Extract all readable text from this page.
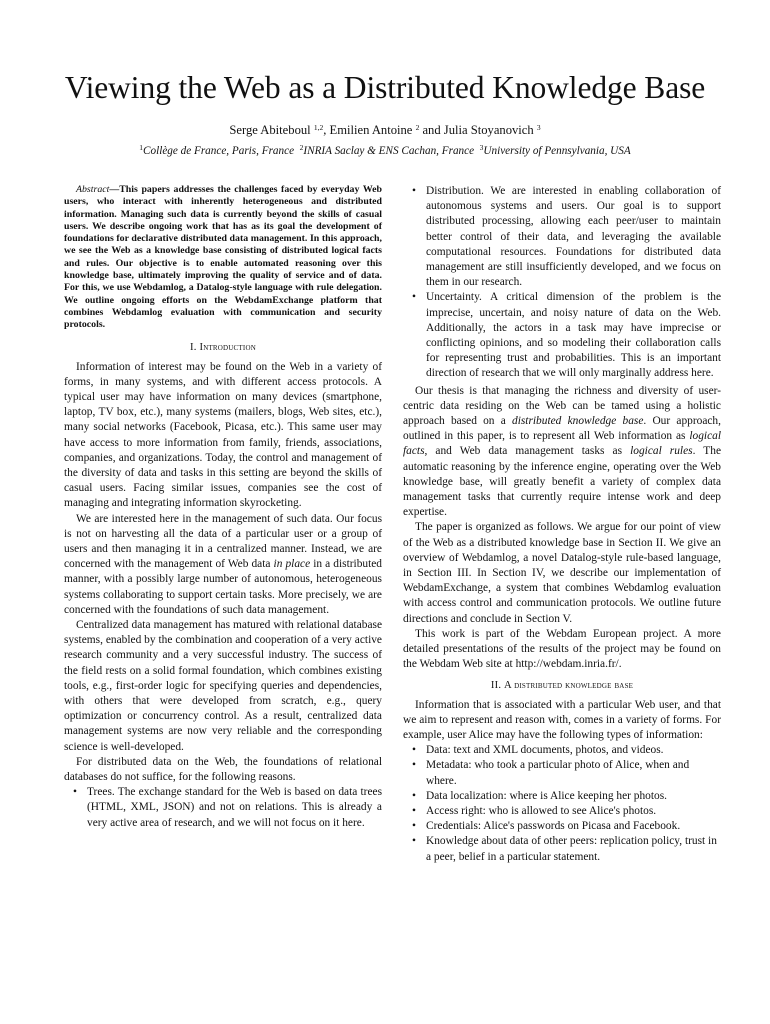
Viewing the Web as a Distributed Knowledge Base
Serge Abiteboul $^{1,2}$, Emilien Antoine $^2$ and Julia Stoyanovich $^3$
$^1$Collège de France, Paris, France $^2$INRIA Saclay & ENS Cachan, France $^3$University of Pennsylvania, USA

Abstract—This papers addresses the challenges faced by everyday Web users, who interact with inherently heterogeneous and distributed information. Managing such data is currently beyond the skills of casual users. We describe ongoing work that has as its goal the development of foundations for declarative distributed data management. In this approach, we see the Web as a knowledge base consisting of distributed logical facts and rules. Our objective is to enable automated reasoning over this knowledge base, ultimately improving the quality of service and of data. For this, we use Webdamlog, a Datalog-style language with rule delegation. We outline ongoing efforts on the WebdamExchange platform that combines Webdamlog evaluation with communication and security protocols.

I. Introduction

Information of interest may be found on the Web in a variety of forms, in many systems, and with different access protocols. A typical user may have information on many devices (smartphone, laptop, TV box, etc.), many systems (mailers, blogs, Web sites, etc.), many social networks (Facebook, Picasa, etc.). This same user may have access to more information from family, friends, associations, companies, and organizations. Today, the control and management of the diversity of data and tasks in this setting are beyond the skills of casual users. Facing similar issues, companies see the cost of managing and integrating information skyrocketing.

We are interested here in the management of such data. Our focus is not on harvesting all the data of a particular user or a group of users and then managing it in a centralized manner. Instead, we are concerned with the management of Web data in place in a distributed manner, with a possibly large number of autonomous, heterogeneous systems collaborating to support certain tasks. More precisely, we are concerned with the foundations of such data management.

Centralized data management has matured with relational database systems, enabled by the combination and cooperation of a very active research community and a very successful industry. The success of the field rests on a solid formal foundation, which combines existing tools, e.g., first-order logic for specifying queries and dependencies, with others that were developed from scratch, e.g., query optimization or concurrency control. As a result, centralized data management systems are now very reliable and the corresponding science is well-developed.

For distributed data on the Web, the foundations of relational databases do not suffice, for the following reasons.

• Trees. The exchange standard for the Web is based on data trees (HTML, XML, JSON) and not on relations. This is already a very active area of research, and we will not focus on it here.
• Distribution. We are interested in enabling collaboration of autonomous systems and users. Our goal is to support distributed processing, allowing each peer/user to maintain better control of their data, and leveraging the available computational resources. Foundations for distributed data management are still insufficiently developed, and we focus on them in our research.
• Uncertainty. A critical dimension of the problem is the imprecise, uncertain, and noisy nature of data on the Web. Additionally, the actors in a task may have imprecise or conflicting opinions, and so modeling their collaboration calls for representing trust and probabilities. This is an important direction of research that we will only marginally address here.

Our thesis is that managing the richness and diversity of user-centric data residing on the Web can be tamed using a holistic approach based on a distributed knowledge base. Our approach, outlined in this paper, is to represent all Web information as logical facts, and Web data management tasks as logical rules. The automatic reasoning by the inference engine, operating over the Web knowledge base, will greatly benefit a variety of complex data management tasks that currently require intense work and deep expertise.

The paper is organized as follows. We argue for our point of view of the Web as a distributed knowledge base in Section II. We give an overview of Webdamlog, a novel Datalog-style rule-based language, in Section III. In Section IV, we describe our implementation of WebdamExchange, a system that combines Webdamlog evaluation with access control and communication protocols. We outline future directions and conclude in Section V.

This work is part of the Webdam European project. A more detailed presentations of the results of the project may be found on the Webdam Web site at http://webdam.inria.fr/.

II. A distributed knowledge base

Information that is associated with a particular Web user, and that we aim to represent and reason with, comes in a variety of forms. For example, user Alice may have the following types of information:

• Data: text and XML documents, photos, and videos.
• Metadata: who took a particular photo of Alice, when and where.
• Data localization: where is Alice keeping her photos.
• Access right: who is allowed to see Alice's photos.
• Credentials: Alice's passwords on Picasa and Facebook.
• Knowledge about data of other peers: replication policy, trust in a peer, belief in a particular statement.
